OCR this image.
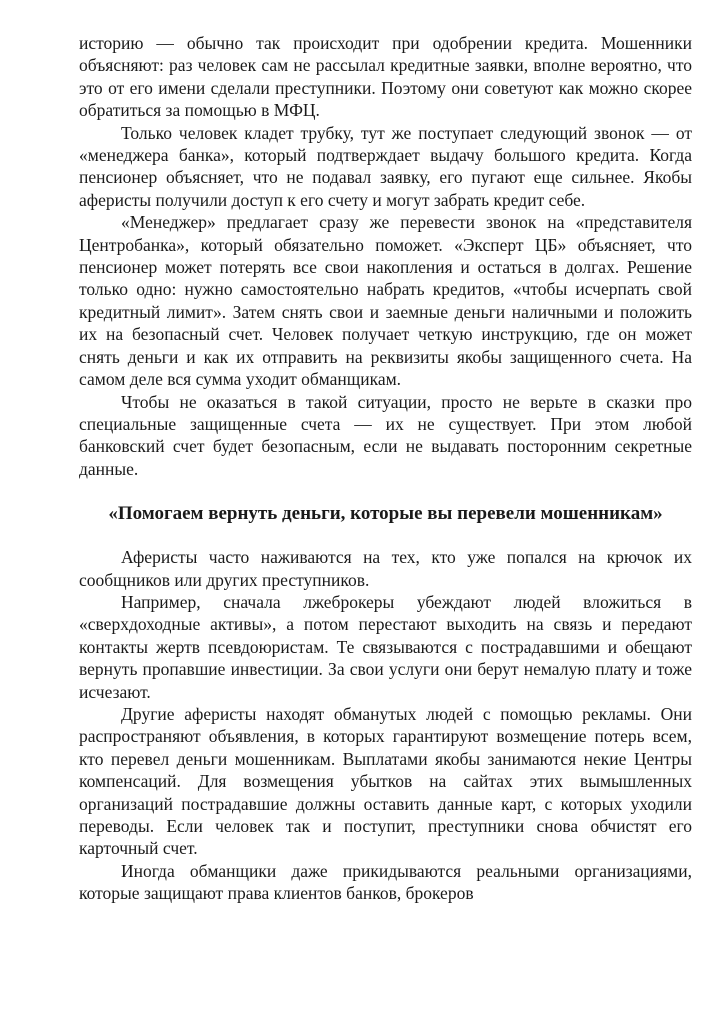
историю — обычно так происходит при одобрении кредита. Мошенники объясняют: раз человек сам не рассылал кредитные заявки, вполне вероятно, что это от его имени сделали преступники. Поэтому они советуют как можно скорее обратиться за помощью в МФЦ.

Только человек кладет трубку, тут же поступает следующий звонок — от «менеджера банка», который подтверждает выдачу большого кредита. Когда пенсионер объясняет, что не подавал заявку, его пугают еще сильнее. Якобы аферисты получили доступ к его счету и могут забрать кредит себе.

«Менеджер» предлагает сразу же перевести звонок на «представителя Центробанка», который обязательно поможет. «Эксперт ЦБ» объясняет, что пенсионер может потерять все свои накопления и остаться в долгах. Решение только одно: нужно самостоятельно набрать кредитов, «чтобы исчерпать свой кредитный лимит». Затем снять свои и заемные деньги наличными и положить их на безопасный счет. Человек получает четкую инструкцию, где он может снять деньги и как их отправить на реквизиты якобы защищенного счета. На самом деле вся сумма уходит обманщикам.

Чтобы не оказаться в такой ситуации, просто не верьте в сказки про специальные защищенные счета — их не существует. При этом любой банковский счет будет безопасным, если не выдавать посторонним секретные данные.

«Помогаем вернуть деньги, которые вы перевели мошенникам»

Аферисты часто наживаются на тех, кто уже попался на крючок их сообщников или других преступников.

Например, сначала лжеброкеры убеждают людей вложиться в «сверхдоходные активы», а потом перестают выходить на связь и передают контакты жертв псевдоюристам. Те связываются с пострадавшими и обещают вернуть пропавшие инвестиции. За свои услуги они берут немалую плату и тоже исчезают.

Другие аферисты находят обманутых людей с помощью рекламы. Они распространяют объявления, в которых гарантируют возмещение потерь всем, кто перевел деньги мошенникам. Выплатами якобы занимаются некие Центры компенсаций. Для возмещения убытков на сайтах этих вымышленных организаций пострадавшие должны оставить данные карт, с которых уходили переводы. Если человек так и поступит, преступники снова обчистят его карточный счет.

Иногда обманщики даже прикидываются реальными организациями, которые защищают права клиентов банков, брокеров
